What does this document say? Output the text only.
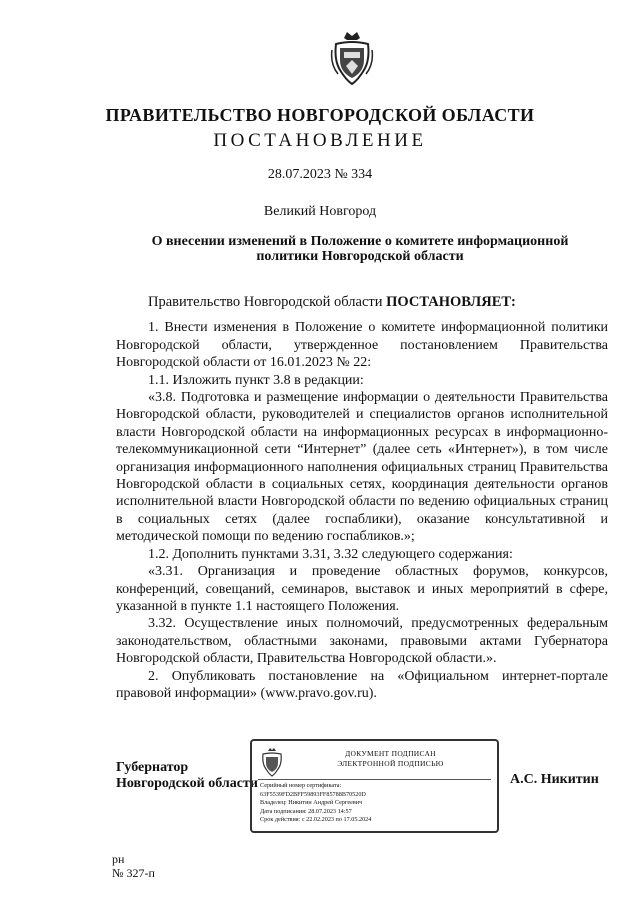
ПРАВИТЕЛЬСТВО НОВГОРОДСКОЙ ОБЛАСТИ
ПОСТАНОВЛЕНИЕ
28.07.2023 № 334
Великий Новгород
О внесении изменений в Положение о комитете информационной
политики Новгородской области

Правительство Новгородской области ПОСТАНОВЛЯЕТ:

1. Внести изменения в Положение о комитете информационной политики Новгородской области, утвержденное постановлением Правительства Новгородской области от 16.01.2023 № 22:

1.1. Изложить пункт 3.8 в редакции:

«3.8. Подготовка и размещение информации о деятельности Правительства Новгородской области, руководителей и специалистов органов исполнительной власти Новгородской области на информационных ресурсах в информационно-телекоммуникационной сети “Интернет” (далее сеть «Интернет»), в том числе организация информационного наполнения официальных страниц Правительства Новгородской области в социальных сетях, координация деятельности органов исполнительной власти Новгородской области по ведению официальных страниц в социальных сетях (далее госпаблики), оказание консультативной и методической помощи по ведению госпабликов.»;

1.2. Дополнить пунктами 3.31, 3.32 следующего содержания:

«3.31. Организация и проведение областных форумов, конкурсов, конференций, совещаний, семинаров, выставок и иных мероприятий в сфере, указанной в пункте 1.1 настоящего Положения.

3.32. Осуществление иных полномочий, предусмотренных федеральным законодательством, областными законами, правовыми актами Губернатора Новгородской области, Правительства Новгородской области.».

2. Опубликовать постановление на «Официальном интернет-портале правовой информации» (www.pravo.gov.ru).

Губернатор
Новгородской области
ДОКУМЕНТ ПОДПИСАН
ЭЛЕКТРОННОЙ ПОДПИСЬЮ
Серийный номер сертификата:
63F5539FD2BFF59893FF85788B70520D
Владелец: Никитин Андрей Сергеевич
Дата подписания: 28.07.2023 14:57
Срок действия: с 22.02.2023 по 17.05.2024
А.С. Никитин
рн
№ 327-п
